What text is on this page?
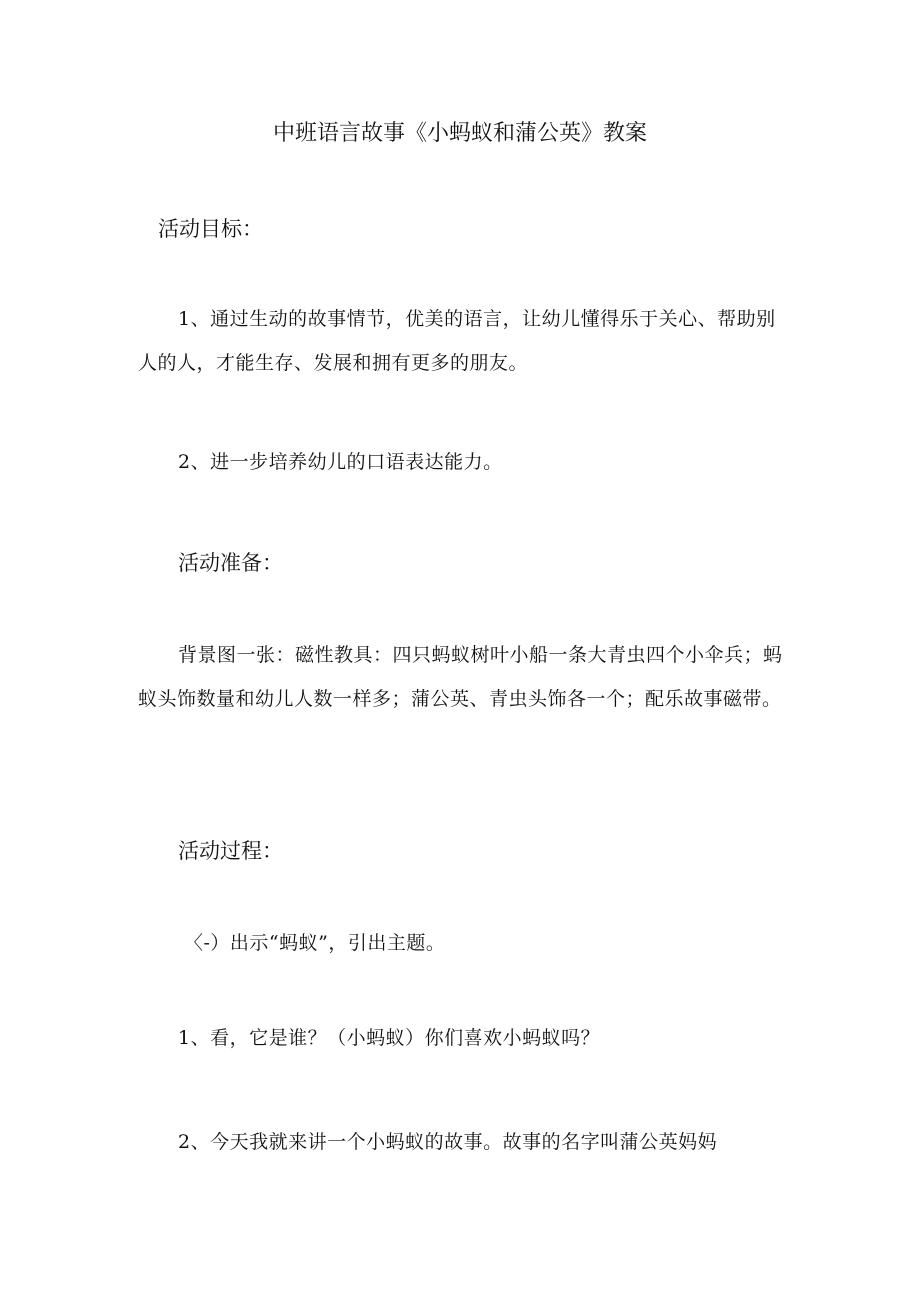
中班语言故事《小蚂蚁和蒲公英》教案
活动目标：
1、通过生动的故事情节，优美的语言，让幼儿懂得乐于关心、帮助别人的人，才能生存、发展和拥有更多的朋友。
2、进一步培养幼儿的口语表达能力。
活动准备：
背景图一张：磁性教具：四只蚂蚁树叶小船一条大青虫四个小伞兵；蚂蚁头饰数量和幼儿人数一样多；蒲公英、青虫头饰各一个；配乐故事磁带。
活动过程：
〈-）出示“蚂蚁”，引出主题。
1、看，它是谁？（小蚂蚁）你们喜欢小蚂蚁吗？
2、今天我就来讲一个小蚂蚁的故事。故事的名字叫蒲公英妈妈
